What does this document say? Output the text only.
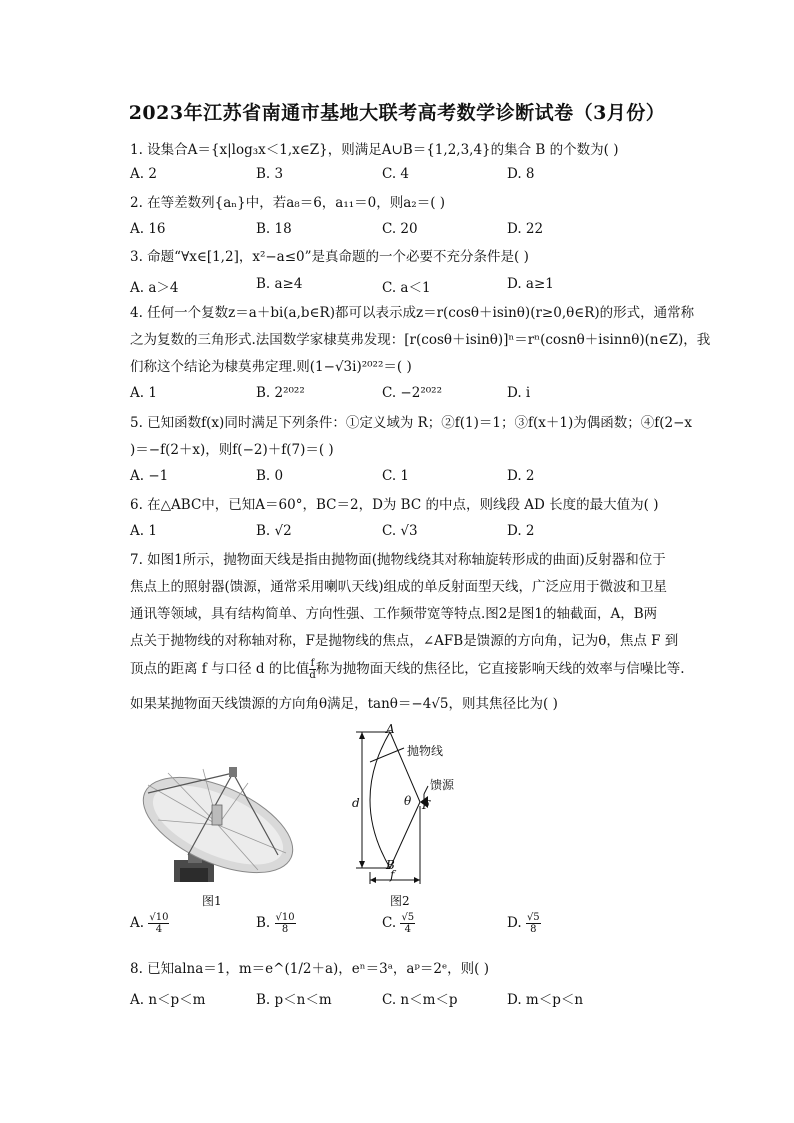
2023年江苏省南通市基地大联考高考数学诊断试卷（3月份）
1. 设集合A＝{x|log₃x＜1,x∈Z}，则满足A∪B＝{1,2,3,4}的集合 B 的个数为( )
A. 2	B. 3	C. 4	D. 8
2. 在等差数列{aₙ}中，若a₈＝6，a₁₁＝0，则a₂＝( )
A. 16	B. 18	C. 20	D. 22
3. 命题“∀x∈[1,2]，x²−a≤0”是真命题的一个必要不充分条件是( )
A. a＞4	B. a≥4	C. a＜1	D. a≥1
4. 任何一个复数z＝a＋bi(a,b∈R)都可以表示成z＝r(cosθ＋isinθ)(r≥0,θ∈R)的形式，通常称
之为复数的三角形式.法国数学家棣莫弗发现：[r(cosθ＋isinθ)]ⁿ＝rⁿ(cosnθ＋isinnθ)(n∈Z)，我
们称这个结论为棣莫弗定理.则(1−√3i)²⁰²²＝( )
A. 1	B. 2²⁰²²	C. −2²⁰²²	D. i
5. 已知函数f(x)同时满足下列条件：①定义域为 R；②f(1)＝1；③f(x＋1)为偶函数；④f(2−x
)＝−f(2＋x)，则f(−2)＋f(7)＝( )
A. −1	B. 0	C. 1	D. 2
6. 在△ABC中，已知A＝60°，BC＝2，D为 BC 的中点，则线段 AD 长度的最大值为( )
A. 1	B. √2	C. √3	D. 2
7. 如图1所示，抛物面天线是指由抛物面(抛物线绕其对称轴旋转形成的曲面)反射器和位于
焦点上的照射器(馈源，通常采用喇叭天线)组成的单反射面型天线，广泛应用于微波和卫星
通讯等领域，具有结构简单、方向性强、工作频带宽等特点.图2是图1的轴截面，A，B两
点关于抛物线的对称轴对称，F是抛物线的焦点，∠AFB是馈源的方向角，记为θ，焦点 F 到
顶点的距离 f 与口径 d 的比值 $\frac{f}{d}$ 称为抛物面天线的焦径比，它直接影响天线的效率与信噪比等.
如果某抛物面天线馈源的方向角θ满足，tanθ＝−4√5，则其焦径比为( )
图1
A
B
F
d
f
θ
抛物线
馈源
图2
A. $\frac{√10}{4}$	B. $\frac{√10}{8}$	C. $\frac{√5}{4}$	D. $\frac{√5}{8}$
8. 已知alna＝1，m＝e^(1/2＋a)，eⁿ＝3ᵃ，aᵖ＝2ᵉ，则( )
A. n＜p＜m	B. p＜n＜m	C. n＜m＜p	D. m＜p＜n
